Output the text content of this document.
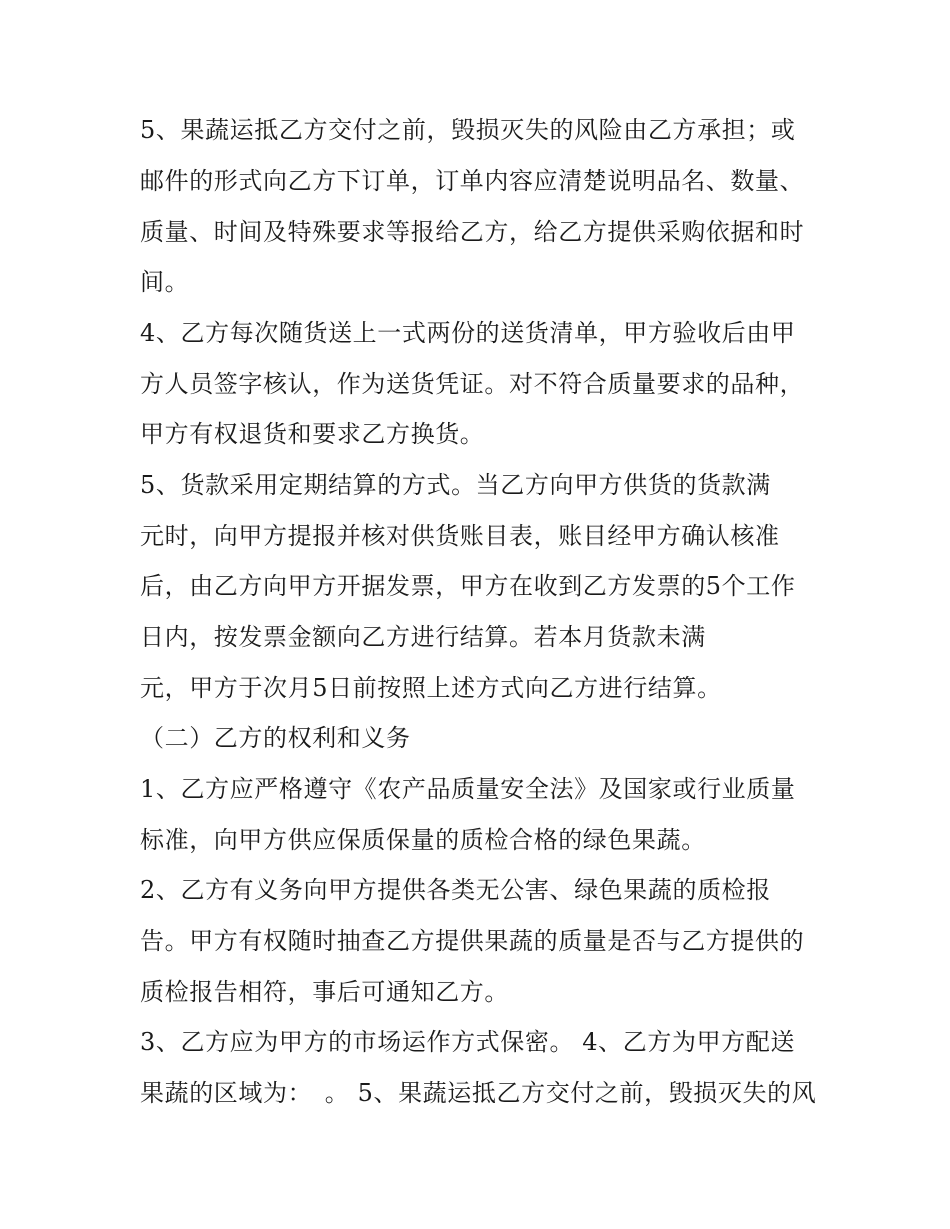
5、果蔬运抵乙方交付之前，毁损灭失的风险由乙方承担；或
邮件的形式向乙方下订单，订单内容应清楚说明品名、数量、
质量、时间及特殊要求等报给乙方，给乙方提供采购依据和时
间。
4、乙方每次随货送上一式两份的送货清单，甲方验收后由甲
方人员签字核认，作为送货凭证。对不符合质量要求的品种，
甲方有权退货和要求乙方换货。
5、货款采用定期结算的方式。当乙方向甲方供货的货款满
元时，向甲方提报并核对供货账目表，账目经甲方确认核准
后，由乙方向甲方开据发票，甲方在收到乙方发票的5个工作
日内，按发票金额向乙方进行结算。若本月货款未满
元，甲方于次月5日前按照上述方式向乙方进行结算。
（二）乙方的权利和义务
1、乙方应严格遵守《农产品质量安全法》及国家或行业质量
标准，向甲方供应保质保量的质检合格的绿色果蔬。
2、乙方有义务向甲方提供各类无公害、绿色果蔬的质检报
告。甲方有权随时抽查乙方提供果蔬的质量是否与乙方提供的
质检报告相符，事后可通知乙方。
3、乙方应为甲方的市场运作方式保密。 4、乙方为甲方配送
果蔬的区域为：　。 5、果蔬运抵乙方交付之前，毁损灭失的风
